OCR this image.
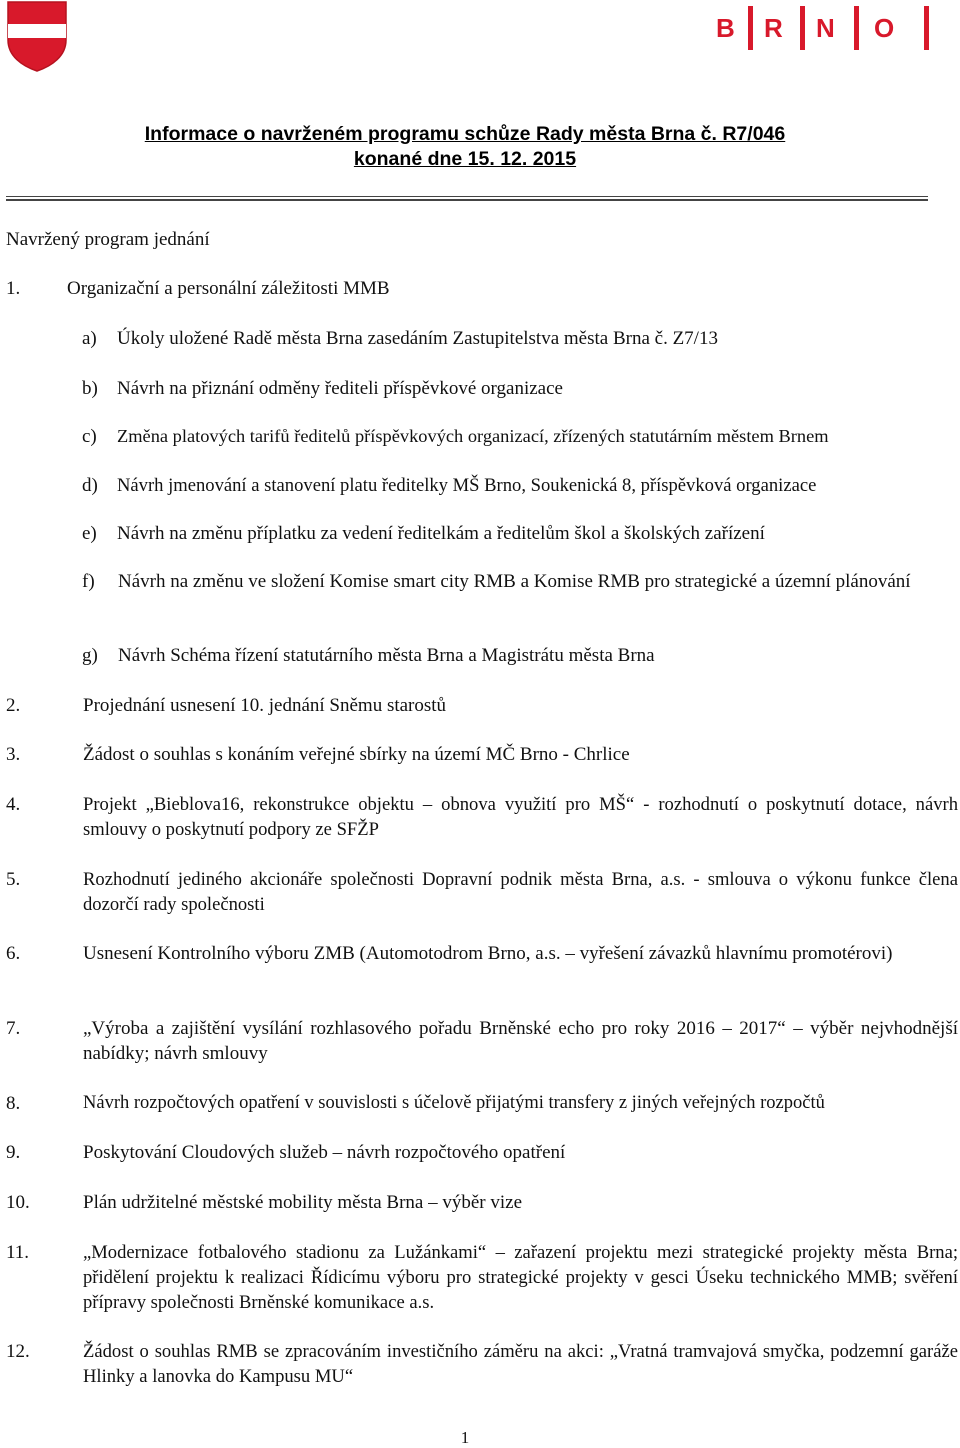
B R N O
Informace o navrženém programu schůze Rady města Brna č. R7/046
konané dne 15. 12. 2015
Navržený program jednání
1. Organizační a personální záležitosti MMB
a) Úkoly uložené Radě města Brna zasedáním Zastupitelstva města Brna č. Z7/13
b) Návrh na přiznání odměny řediteli příspěvkové organizace
c) Změna platových tarifů ředitelů příspěvkových organizací, zřízených statutárním městem Brnem
d) Návrh jmenování a stanovení platu ředitelky MŠ Brno, Soukenická 8, příspěvková organizace
e) Návrh na změnu příplatku za vedení ředitelkám a ředitelům škol a školských zařízení
f) Návrh na změnu ve složení Komise smart city RMB a Komise RMB pro strategické a územní plánování
g) Návrh Schéma řízení statutárního města Brna a Magistrátu města Brna
2.	Projednání usnesení 10. jednání Sněmu starostů
3.	Žádost o souhlas s konáním veřejné sbírky na území MČ Brno - Chrlice
4.	Projekt „Bieblova16, rekonstrukce objektu – obnova využití pro MŠ“ - rozhodnutí o poskytnutí dotace, návrh smlouvy o poskytnutí podpory ze SFŽP
5.	Rozhodnutí jediného akcionáře společnosti Dopravní podnik města Brna, a.s. - smlouva o výkonu funkce člena dozorčí rady společnosti
6.	Usnesení Kontrolního výboru ZMB (Automotodrom Brno, a.s. – vyřešení závazků hlavnímu promotérovi)
7.	„Výroba a zajištění vysílání rozhlasového pořadu Brněnské echo pro roky 2016 – 2017“ – výběr nejvhodnější nabídky; návrh smlouvy
8.	Návrh rozpočtových opatření v souvislosti s účelově přijatými transfery z jiných veřejných rozpočtů
9.	Poskytování Cloudových služeb – návrh rozpočtového opatření
10.	Plán udržitelné městské mobility města Brna – výběr vize
11.	„Modernizace fotbalového stadionu za Lužánkami“ – zařazení projektu mezi strategické projekty města Brna; přidělení projektu k realizaci Řídicímu výboru pro strategické projekty v gesci Úseku technického MMB; svěření přípravy společnosti Brněnské komunikace a.s.
12.	Žádost o souhlas RMB se zpracováním investičního záměru na akci: „Vratná tramvajová smyčka, podzemní garáže Hlinky a lanovka do Kampusu MU“
1
